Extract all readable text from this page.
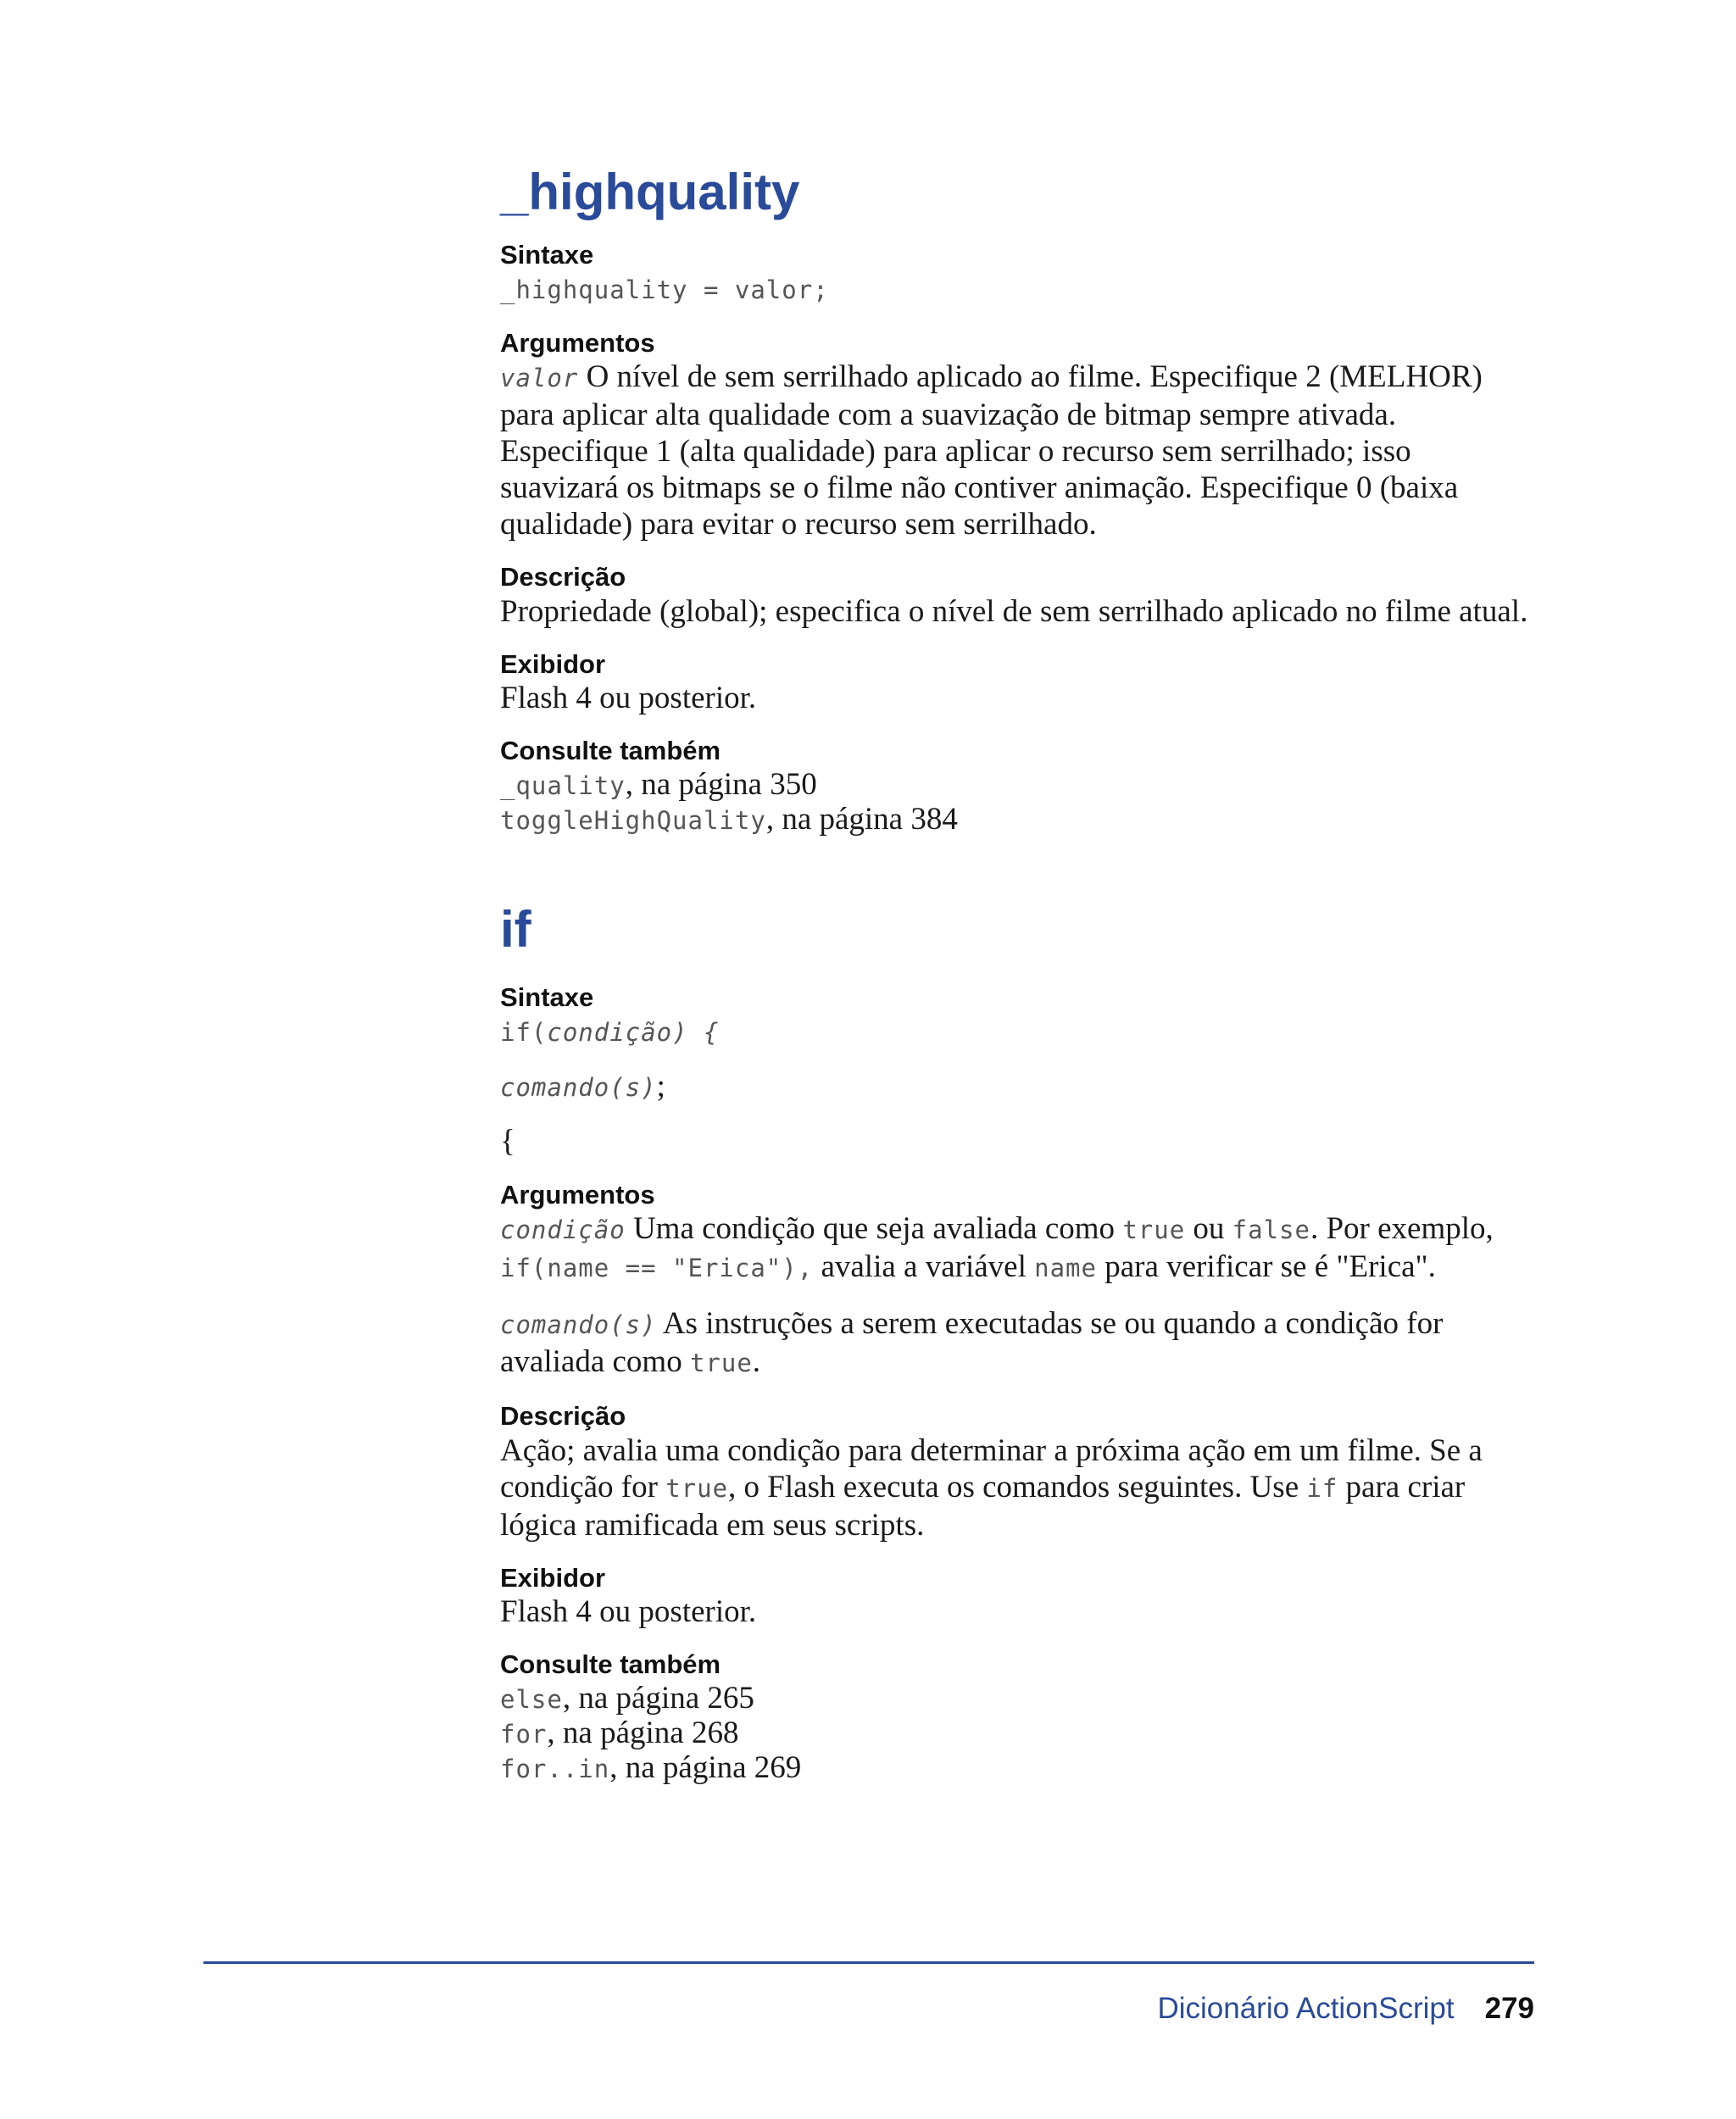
_highquality
Sintaxe
_highquality = valor;
Argumentos

valor O nível de sem serrilhado aplicado ao filme. Especifique 2 (MELHOR) para aplicar alta qualidade com a suavização de bitmap sempre ativada. Especifique 1 (alta qualidade) para aplicar o recurso sem serrilhado; isso suavizará os bitmaps se o filme não contiver animação. Especifique 0 (baixa qualidade) para evitar o recurso sem serrilhado.

Descrição

Propriedade (global); especifica o nível de sem serrilhado aplicado no filme atual.

Exibidor

Flash 4 ou posterior.

Consulte também
_quality, na página 350
toggleHighQuality, na página 384
if
Sintaxe
if(condição) {
comando(s);
{
Argumentos

condição Uma condição que seja avaliada como true ou false. Por exemplo, if(name == "Erica"), avalia a variável name para verificar se é "Erica".

comando(s) As instruções a serem executadas se ou quando a condição for avaliada como true.

Descrição

Ação; avalia uma condição para determinar a próxima ação em um filme. Se a condição for true, o Flash executa os comandos seguintes. Use if para criar lógica ramificada em seus scripts.

Exibidor

Flash 4 ou posterior.

Consulte também
else, na página 265
for, na página 268
for..in, na página 269
Dicionário ActionScript 279
